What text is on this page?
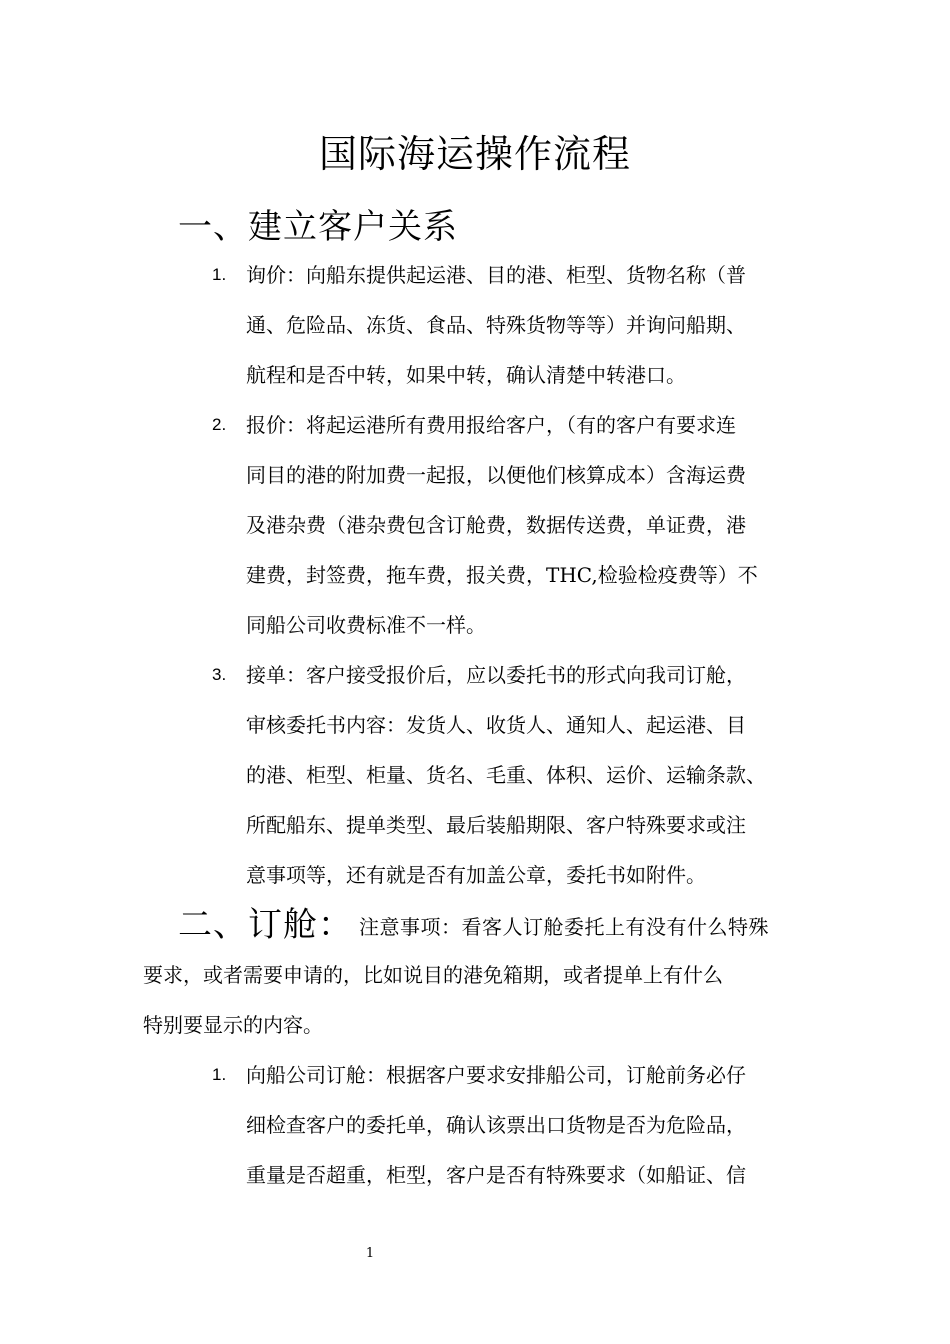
国际海运操作流程
一、建立客户关系
1. 询价：向船东提供起运港、目的港、柜型、货物名称（普
通、危险品、冻货、食品、特殊货物等等）并询问船期、
航程和是否中转，如果中转，确认清楚中转港口。
2. 报价：将起运港所有费用报给客户，（有的客户有要求连
同目的港的附加费一起报，以便他们核算成本）含海运费
及港杂费（港杂费包含订舱费，数据传送费，单证费，港
建费，封签费，拖车费，报关费，THC,检验检疫费等）不
同船公司收费标准不一样。
3. 接单：客户接受报价后，应以委托书的形式向我司订舱，
审核委托书内容：发货人、收货人、通知人、起运港、目
的港、柜型、柜量、货名、毛重、体积、运价、运输条款、
所配船东、提单类型、最后装船期限、客户特殊要求或注
意事项等，还有就是否有加盖公章，委托书如附件。
二、订舱： 注意事项：看客人订舱委托上有没有什么特殊
要求，或者需要申请的，比如说目的港免箱期，或者提单上有什么
特别要显示的内容。
1. 向船公司订舱：根据客户要求安排船公司，订舱前务必仔
细检查客户的委托单，确认该票出口货物是否为危险品，
重量是否超重，柜型，客户是否有特殊要求（如船证、信
1
